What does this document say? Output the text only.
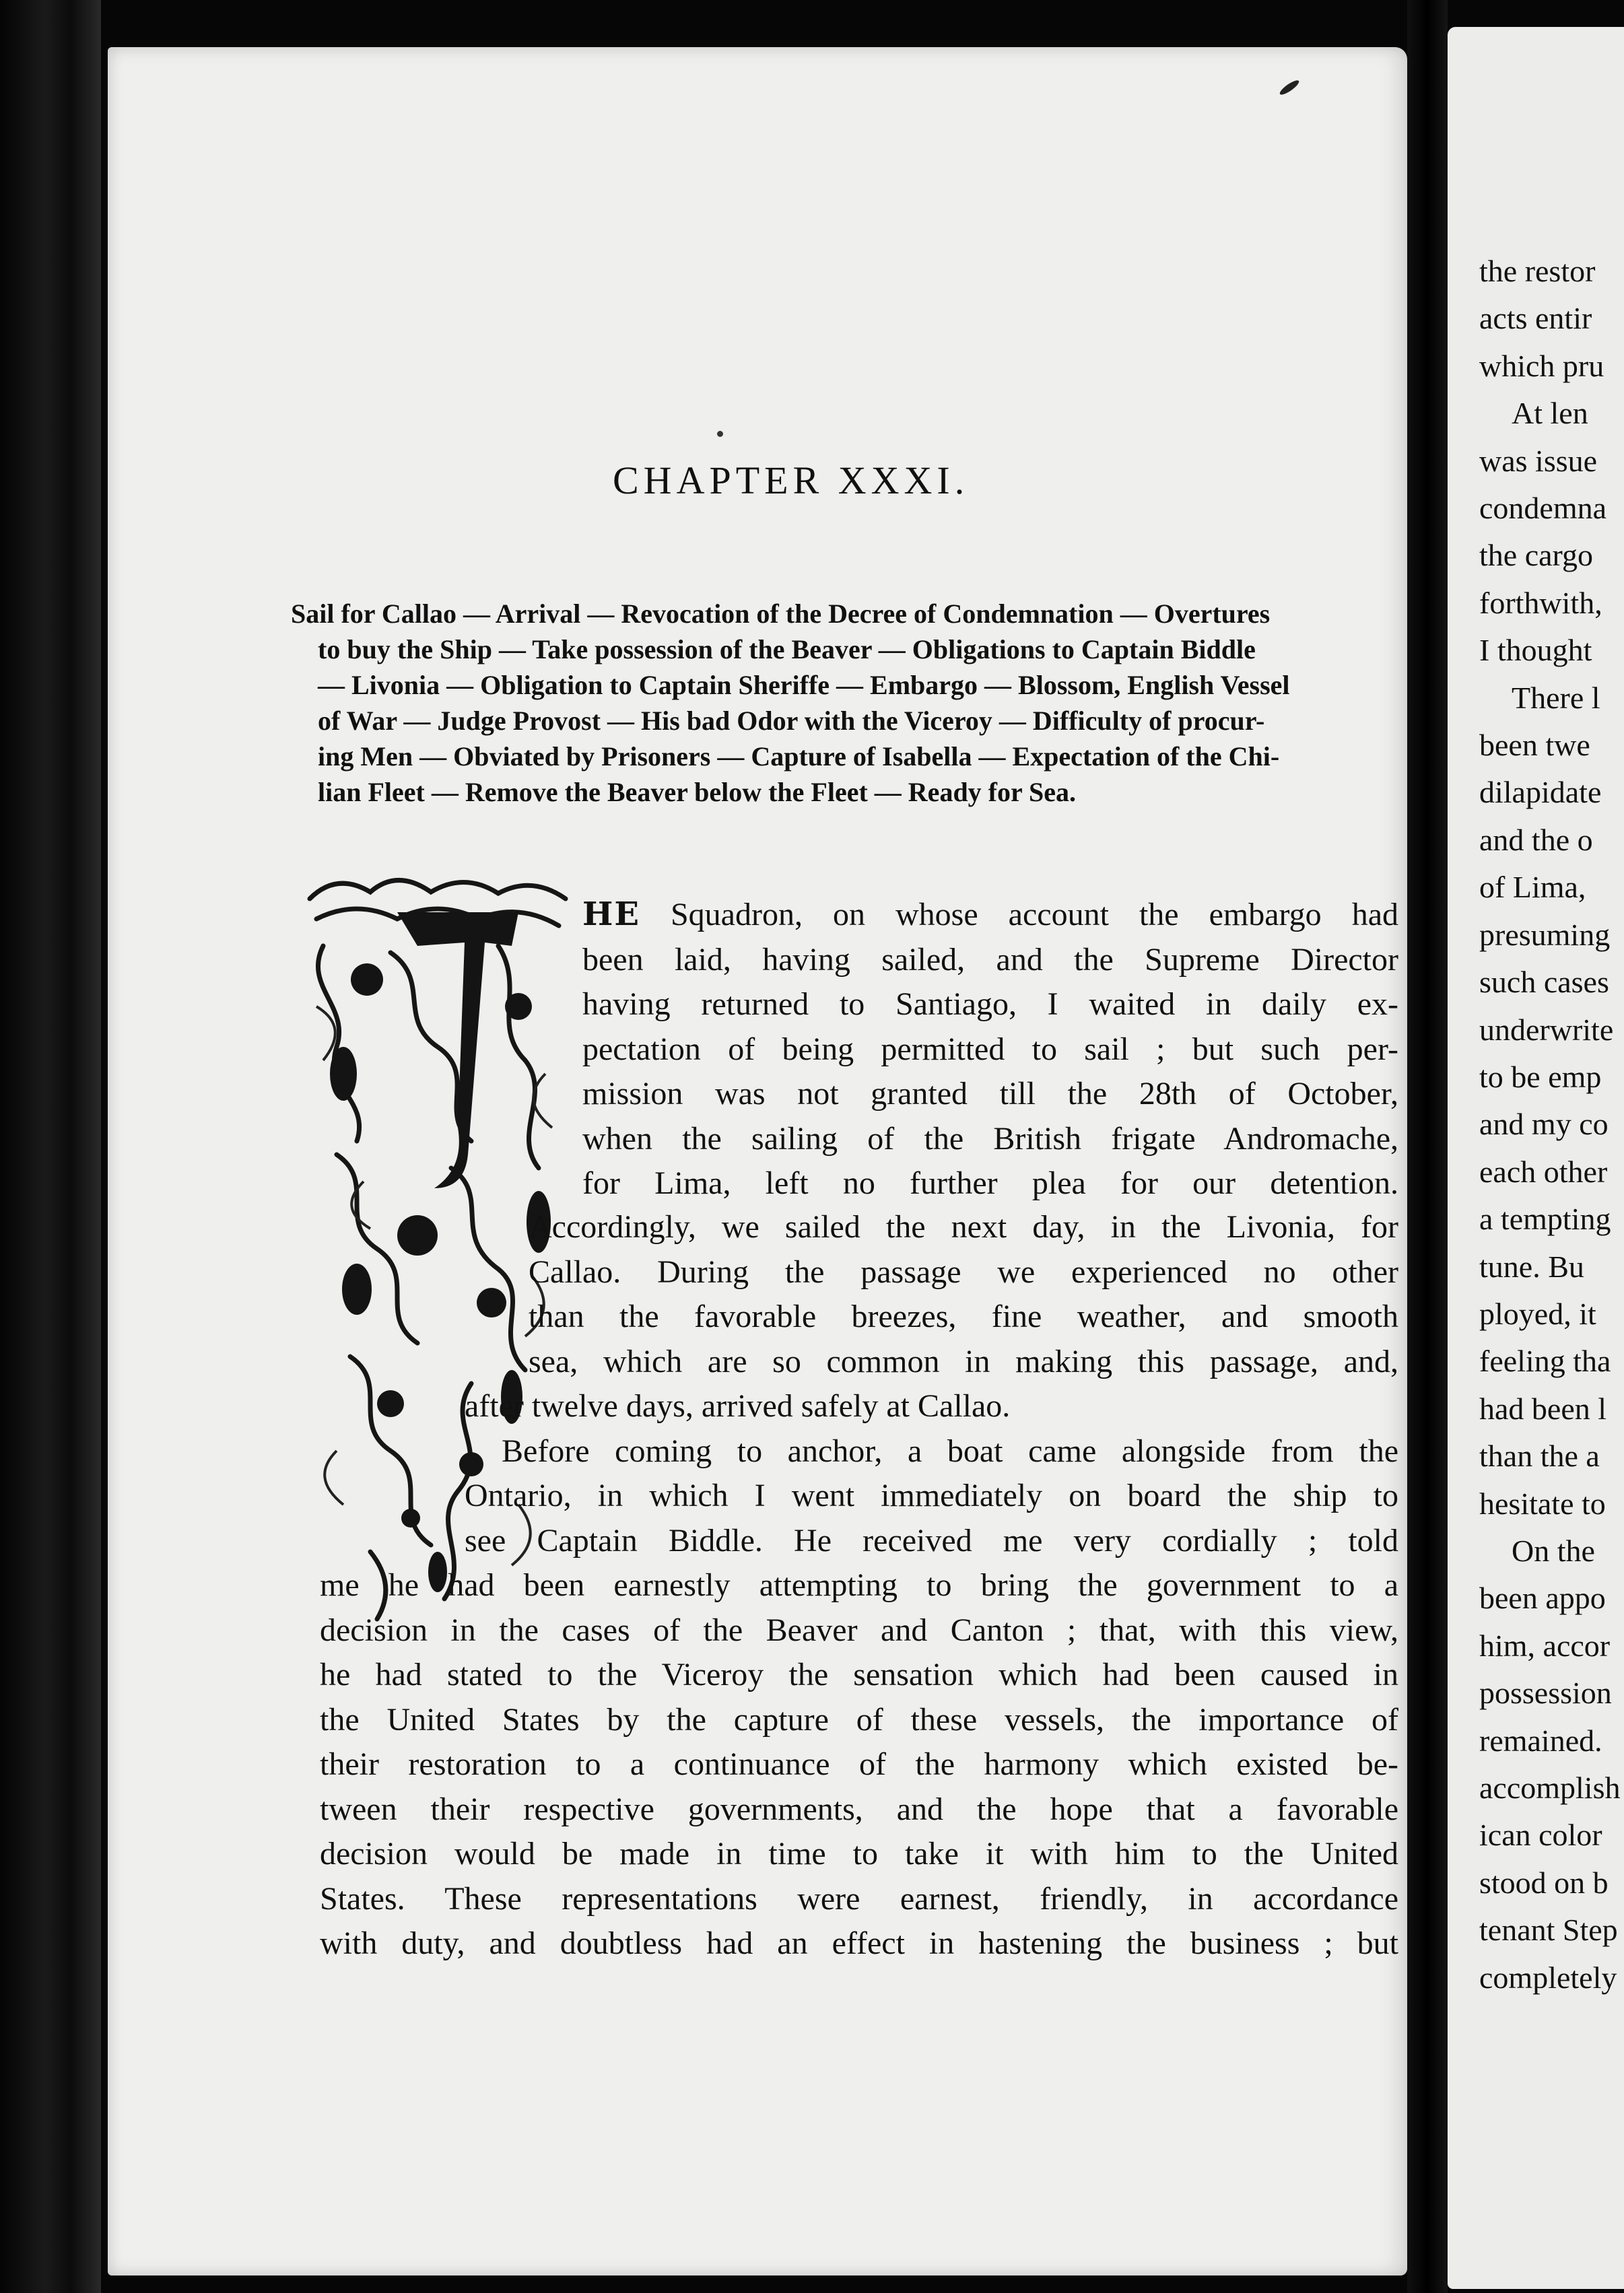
CHAPTER XXXI.
Sail for Callao — Arrival — Revocation of the Decree of Condemnation — Overtures
to buy the Ship — Take possession of the Beaver — Obligations to Captain Biddle
— Livonia — Obligation to Captain Sheriffe — Embargo — Blossom, English Vessel
of War — Judge Provost — His bad Odor with the Viceroy — Difficulty of procur-
ing Men — Obviated by Prisoners — Capture of Isabella — Expectation of the Chi-
lian Fleet — Remove the Beaver below the Fleet — Ready for Sea.
HE Squadron, on whose account the embargo had
been laid, having sailed, and the Supreme Director
having returned to Santiago, I waited in daily ex-
pectation of being permitted to sail ; but such per-
mission was not granted till the 28th of October,
when the sailing of the British frigate Andromache,
for Lima, left no further plea for our detention.
Accordingly, we sailed the next day, in the Livonia, for
Callao. During the passage we experienced no other
than the favorable breezes, fine weather, and smooth
sea, which are so common in making this passage, and,
after twelve days, arrived safely at Callao.
Before coming to anchor, a boat came alongside from the
Ontario, in which I went immediately on board the ship to
see Captain Biddle. He received me very cordially ; told
me he had been earnestly attempting to bring the government to a
decision in the cases of the Beaver and Canton ; that, with this view,
he had stated to the Viceroy the sensation which had been caused in
the United States by the capture of these vessels, the importance of
their restoration to a continuance of the harmony which existed be-
tween their respective governments, and the hope that a favorable
decision would be made in time to take it with him to the United
States. These representations were earnest, friendly, in accordance
with duty, and doubtless had an effect in hastening the business ; but
the restor
acts entir
which pru
At len
was issue
condemna
the cargo
forthwith,
I thought
There l
been twe
dilapidate
and the o
of Lima,
presuming
such cases
underwrite
to be emp
and my co
each other
a tempting
tune. Bu
ployed, it
feeling tha
had been l
than the a
hesitate to
On the
been appo
him, accor
possession
remained.
accomplish
ican color
stood on b
tenant Step
completely
